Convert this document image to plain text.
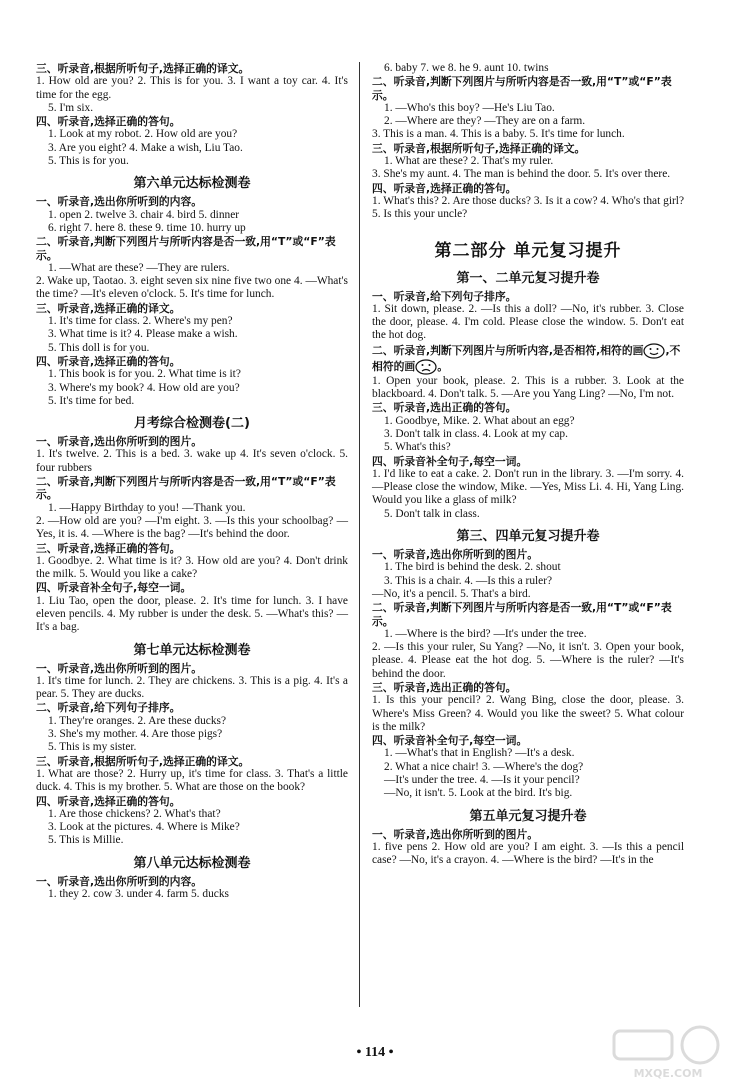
三、听录音,根据所听句子,选择正确的译文。
1. How old are you? 2. This is for you. 3. I want a toy car. 4. It's time for the egg.
5. I'm six.
四、听录音,选择正确的答句。
1. Look at my robot. 2. How old are you?
3. Are you eight? 4. Make a wish, Liu Tao.
5. This is for you.
第六单元达标检测卷
一、听录音,选出你所听到的内容。
1. open 2. twelve 3. chair 4. bird 5. dinner
6. right 7. here 8. these 9. time 10. hurry up
二、听录音,判断下列图片与所听内容是否一致,用“T”或“F”表示。
1. —What are these? —They are rulers.
2. Wake up, Taotao. 3. eight seven six nine five two one 4. —What's the time? —It's eleven o'clock. 5. It's time for lunch.
三、听录音,选择正确的译文。
1. It's time for class. 2. Where's my pen?
3. What time is it? 4. Please make a wish.
5. This doll is for you.
四、听录音,选择正确的答句。
1. This book is for you. 2. What time is it?
3. Where's my book? 4. How old are you?
5. It's time for bed.
月考综合检测卷(二)
一、听录音,选出你所听到的图片。
1. It's twelve. 2. This is a bed. 3. wake up 4. It's seven o'clock. 5. four rubbers
二、听录音,判断下列图片与所听内容是否一致,用“T”或“F”表示。
1. —Happy Birthday to you! —Thank you.
2. —How old are you? —I'm eight. 3. —Is this your schoolbag? —Yes, it is. 4. —Where is the bag? —It's behind the door.
三、听录音,选择正确的答句。
1. Goodbye. 2. What time is it? 3. How old are you? 4. Don't drink the milk. 5. Would you like a cake?
四、听录音补全句子,每空一词。
1. Liu Tao, open the door, please. 2. It's time for lunch. 3. I have eleven pencils. 4. My rubber is under the desk. 5. —What's this? —It's a bag.
第七单元达标检测卷
一、听录音,选出你所听到的图片。
1. It's time for lunch. 2. They are chickens. 3. This is a pig. 4. It's a pear. 5. They are ducks.
二、听录音,给下列句子排序。
1. They're oranges. 2. Are these ducks?
3. She's my mother. 4. Are those pigs?
5. This is my sister.
三、听录音,根据所听句子,选择正确的译文。
1. What are those? 2. Hurry up, it's time for class. 3. That's a little duck. 4. This is my brother. 5. What are those on the book?
四、听录音,选择正确的答句。
1. Are those chickens? 2. What's that?
3. Look at the pictures. 4. Where is Mike?
5. This is Millie.
第八单元达标检测卷
一、听录音,选出你所听到的内容。
1. they 2. cow 3. under 4. farm 5. ducks
6. baby 7. we 8. he 9. aunt 10. twins
二、听录音,判断下列图片与所听内容是否一致,用“T”或“F”表示。
1. —Who's this boy? —He's Liu Tao.
2. —Where are they? —They are on a farm.
3. This is a man. 4. This is a baby. 5. It's time for lunch.
三、听录音,根据所听句子,选择正确的译文。
1. What are these? 2. That's my ruler.
3. She's my aunt. 4. The man is behind the door. 5. It's over there.
四、听录音,选择正确的答句。
1. What's this? 2. Are those ducks? 3. Is it a cow? 4. Who's that girl? 5. Is this your uncle?
第二部分 单元复习提升
第一、二单元复习提升卷
一、听录音,给下列句子排序。
1. Sit down, please. 2. —Is this a doll? —No, it's rubber. 3. Close the door, please. 4. I'm cold. Please close the window. 5. Don't eat the hot dog.
二、听录音,判断下列图片与所听内容,是否相符,相符的画 ,不相符的画 。
1. Open your book, please. 2. This is a rubber. 3. Look at the blackboard. 4. Don't talk. 5. —Are you Yang Ling? —No, I'm not.
三、听录音,选出正确的答句。
1. Goodbye, Mike. 2. What about an egg?
3. Don't talk in class. 4. Look at my cap.
5. What's this?
四、听录音补全句子,每空一词。
1. I'd like to eat a cake. 2. Don't run in the library. 3. —I'm sorry. 4. —Please close the window, Mike. —Yes, Miss Li. 4. Hi, Yang Ling. Would you like a glass of milk?
5. Don't talk in class.
第三、四单元复习提升卷
一、听录音,选出你所听到的图片。
1. The bird is behind the desk. 2. shout
3. This is a chair. 4. —Is this a ruler?
—No, it's a pencil. 5. That's a bird.
二、听录音,判断下列图片与所听内容是否一致,用“T”或“F”表示。
1. —Where is the bird? —It's under the tree.
2. —Is this your ruler, Su Yang? —No, it isn't. 3. Open your book, please. 4. Please eat the hot dog. 5. —Where is the ruler? —It's behind the door.
三、听录音,选出正确的答句。
1. Is this your pencil? 2. Wang Bing, close the door, please. 3. Where's Miss Green? 4. Would you like the sweet? 5. What colour is the milk?
四、听录音补全句子,每空一词。
1. —What's that in English? —It's a desk.
2. What a nice chair! 3. —Where's the dog?
—It's under the tree. 4. —Is it your pencil?
—No, it isn't. 5. Look at the bird. It's big.
第五单元复习提升卷
一、听录音,选出你所听到的图片。
1. five pens 2. How old are you? I am eight. 3. —Is this a pencil case? —No, it's a crayon. 4. —Where is the bird? —It's in the
• 114 •
MXQE.COM
